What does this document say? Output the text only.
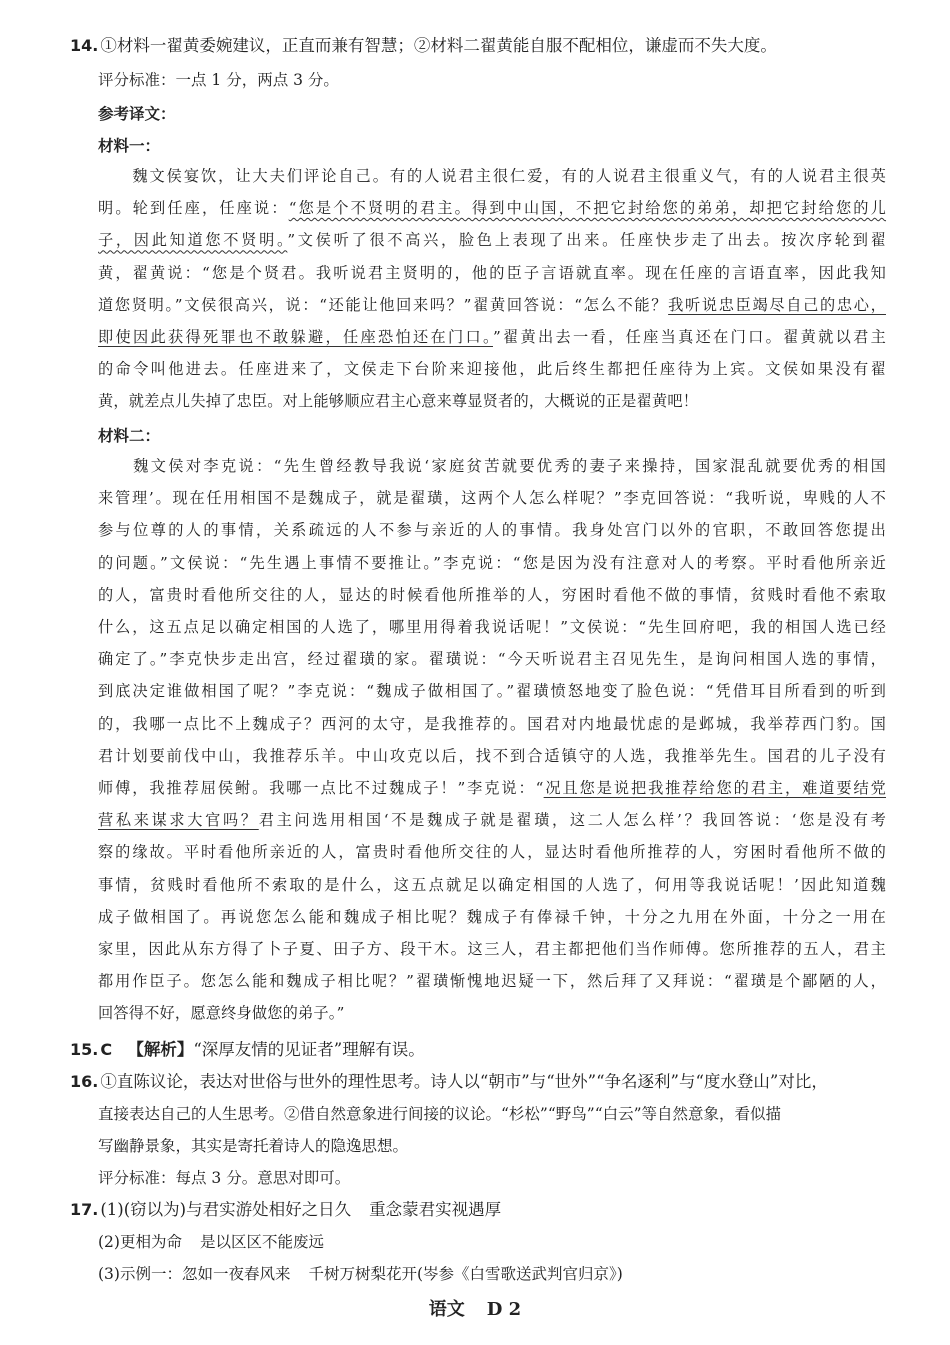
14. ①材料一翟黄委婉建议，正直而兼有智慧；②材料二翟黄能自服不配相位，谦虚而不失大度。
评分标准：一点 1 分，两点 3 分。
参考译文：
材料一：
　　魏文侯宴饮，让大夫们评论自己。有的人说君主很仁爱，有的人说君主很重义气，有的人说君主很英
明。轮到任座，任座说：“您是个不贤明的君主。得到中山国，不把它封给您的弟弟，却把它封给您的儿
子，因此知道您不贤明。”文侯听了很不高兴，脸色上表现了出来。任座快步走了出去。按次序轮到翟
黄，翟黄说：“您是个贤君。我听说君主贤明的，他的臣子言语就直率。现在任座的言语直率，因此我知
道您贤明。”文侯很高兴，说：“还能让他回来吗？”翟黄回答说：“怎么不能？我听说忠臣竭尽自己的忠心，
即使因此获得死罪也不敢躲避，任座恐怕还在门口。”翟黄出去一看，任座当真还在门口。翟黄就以君主
的命令叫他进去。任座进来了，文侯走下台阶来迎接他，此后终生都把任座待为上宾。文侯如果没有翟
黄，就差点儿失掉了忠臣。对上能够顺应君主心意来尊显贤者的，大概说的正是翟黄吧！
材料二：
　　魏文侯对李克说：“先生曾经教导我说‘家庭贫苦就要优秀的妻子来操持，国家混乱就要优秀的相国
来管理’。现在任用相国不是魏成子，就是翟璜，这两个人怎么样呢？”李克回答说：“我听说，卑贱的人不
参与位尊的人的事情，关系疏远的人不参与亲近的人的事情。我身处宫门以外的官职，不敢回答您提出
的问题。”文侯说：“先生遇上事情不要推让。”李克说：“您是因为没有注意对人的考察。平时看他所亲近
的人，富贵时看他所交往的人，显达的时候看他所推举的人，穷困时看他不做的事情，贫贱时看他不索取
什么，这五点足以确定相国的人选了，哪里用得着我说话呢！”文侯说：“先生回府吧，我的相国人选已经
确定了。”李克快步走出宫，经过翟璜的家。翟璜说：“今天听说君主召见先生，是询问相国人选的事情，
到底决定谁做相国了呢？”李克说：“魏成子做相国了。”翟璜愤怒地变了脸色说：“凭借耳目所看到的听到
的，我哪一点比不上魏成子？西河的太守，是我推荐的。国君对内地最忧虑的是邺城，我举荐西门豹。国
君计划要前伐中山，我推荐乐羊。中山攻克以后，找不到合适镇守的人选，我推举先生。国君的儿子没有
师傅，我推荐屈侯鲋。我哪一点比不过魏成子！”李克说：“况且您是说把我推荐给您的君主，难道要结党
营私来谋求大官吗？君主问选用相国‘不是魏成子就是翟璜，这二人怎么样’？我回答说：‘您是没有考
察的缘故。平时看他所亲近的人，富贵时看他所交往的人，显达时看他所推荐的人，穷困时看他所不做的
事情，贫贱时看他所不索取的是什么，这五点就足以确定相国的人选了，何用等我说话呢！’因此知道魏
成子做相国了。再说您怎么能和魏成子相比呢？魏成子有俸禄千钟，十分之九用在外面，十分之一用在
家里，因此从东方得了卜子夏、田子方、段干木。这三人，君主都把他们当作师傅。您所推荐的五人，君主
都用作臣子。您怎么能和魏成子相比呢？”翟璜惭愧地迟疑一下，然后拜了又拜说：“翟璜是个鄙陋的人，
回答得不好，愿意终身做您的弟子。”
15. C 【解析】“深厚友情的见证者”理解有误。
16. ①直陈议论，表达对世俗与世外的理性思考。诗人以“朝市”与“世外”“争名逐利”与“度水登山”对比，
直接表达自己的人生思考。②借自然意象进行间接的议论。“杉松”“野鸟”“白云”等自然意象，看似描
写幽静景象，其实是寄托着诗人的隐逸思想。
评分标准：每点 3 分。意思对即可。
17. (1)(窃以为)与君实游处相好之日久 重念蒙君实视遇厚
(2)更相为命 是以区区不能废远
(3)示例一：忽如一夜春风来 千树万树梨花开(岑参《白雪歌送武判官归京》)
语文 D 2
